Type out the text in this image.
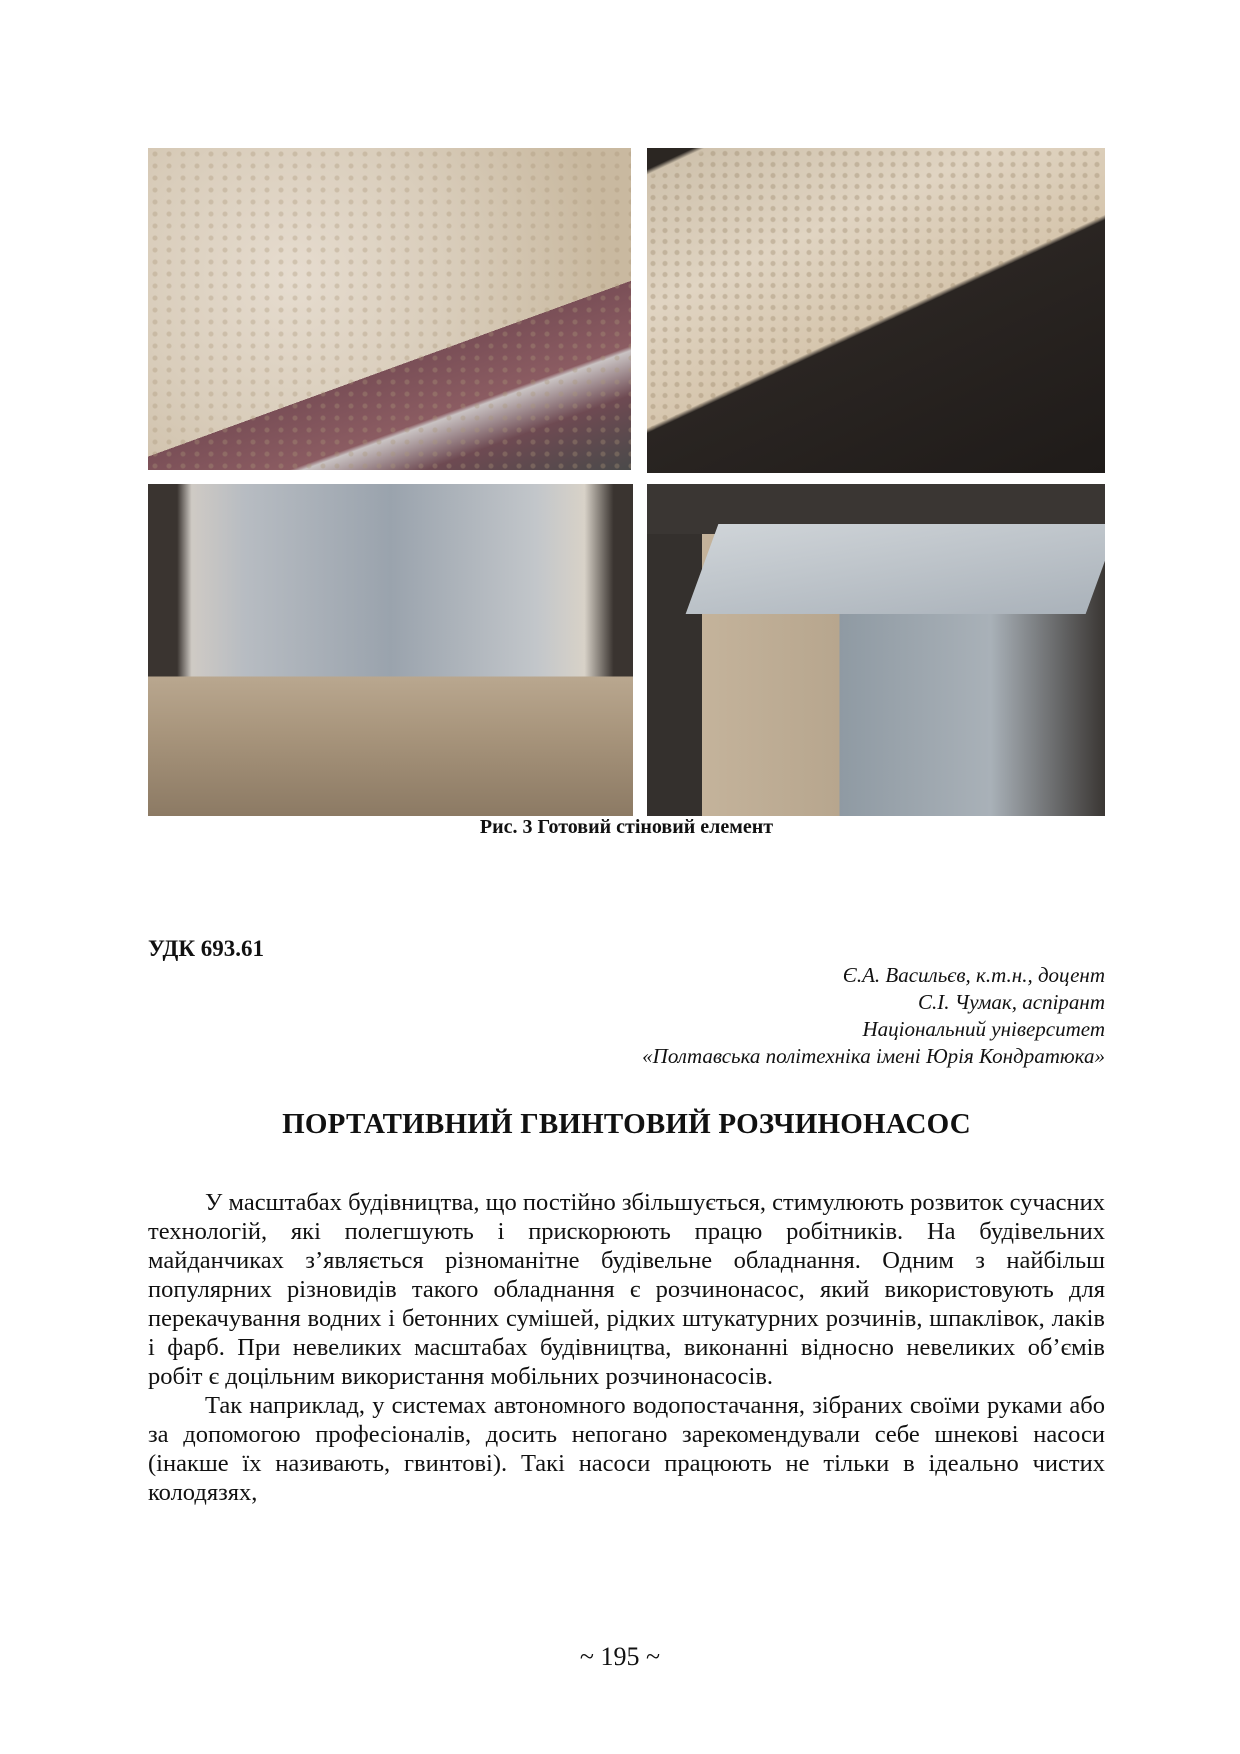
Рис. 3 Готовий стіновий елемент
УДК 693.61
Є.А. Васильєв, к.т.н., доцент
С.І. Чумак, аспірант
Національний університет
«Полтавська політехніка імені Юрія Кондратюка»
ПОРТАТИВНИЙ ГВИНТОВИЙ РОЗЧИНОНАСОС

У масштабах будівництва, що постійно збільшується, стимулюють розвиток сучасних технологій, які полегшують і прискорюють працю робітників. На будівельних майданчиках з’являється різноманітне будівельне обладнання. Одним з найбільш популярних різновидів такого обладнання є розчинонасос, який використовують для перекачування водних і бетонних сумішей, рідких штукатурних розчинів, шпаклівок, лаків і фарб. При невеликих масштабах будівництва, виконанні відносно невеликих об’ємів робіт є доцільним використання мобільних розчинонасосів.

Так наприклад, у системах автономного водопостачання, зібраних своїми руками або за допомогою професіоналів, досить непогано зарекомендували себе шнекові насоси (інакше їх називають, гвинтові). Такі насоси працюють не тільки в ідеально чистих колодязях,

~ 195 ~
